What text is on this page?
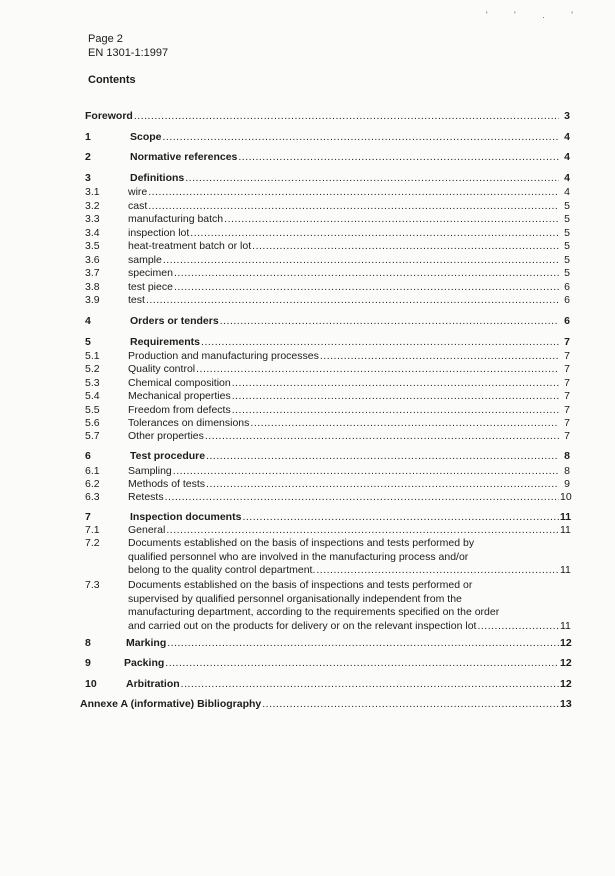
' ' . '
Page 2
EN 1301-1:1997
Contents
Foreword .....	3
1	Scope .....	4
2	Normative references .....	4
3	Definitions .....	4
3.1	wire .....	4
3.2	cast .....	5
3.3	manufacturing batch .....	5
3.4	inspection lot .....	5
3.5	heat-treatment batch or lot .....	5
3.6	sample .....	5
3.7	specimen .....	5
3.8	test piece .....	6
3.9	test .....	6
4	Orders or tenders .....	6
5	Requirements .....	7
5.1	Production and manufacturing processes .....	7
5.2	Quality control .....	7
5.3	Chemical composition .....	7
5.4	Mechanical properties .....	7
5.5	Freedom from defects .....	7
5.6	Tolerances on dimensions .....	7
5.7	Other properties .....	7
6	Test procedure .....	8
6.1	Sampling .....	8
6.2	Methods of tests .....	9
6.3	Retests .....	10
7	Inspection documents .....	11
7.1	General .....	11
7.2	Documents established on the basis of inspections and tests performed by
qualified personnel who are involved in the manufacturing process and/or
belong to the quality control department. .....	11
7.3	Documents established on the basis of inspections and tests performed or
supervised by qualified personnel organisationally independent from the
manufacturing department, according to the requirements specified on the order
and carried out on the products for delivery or on the relevant inspection lot .....	11
8	Marking .....	12
9	Packing .....	12
10	Arbitration .....	12
Annexe A (informative) Bibliography .....	13
